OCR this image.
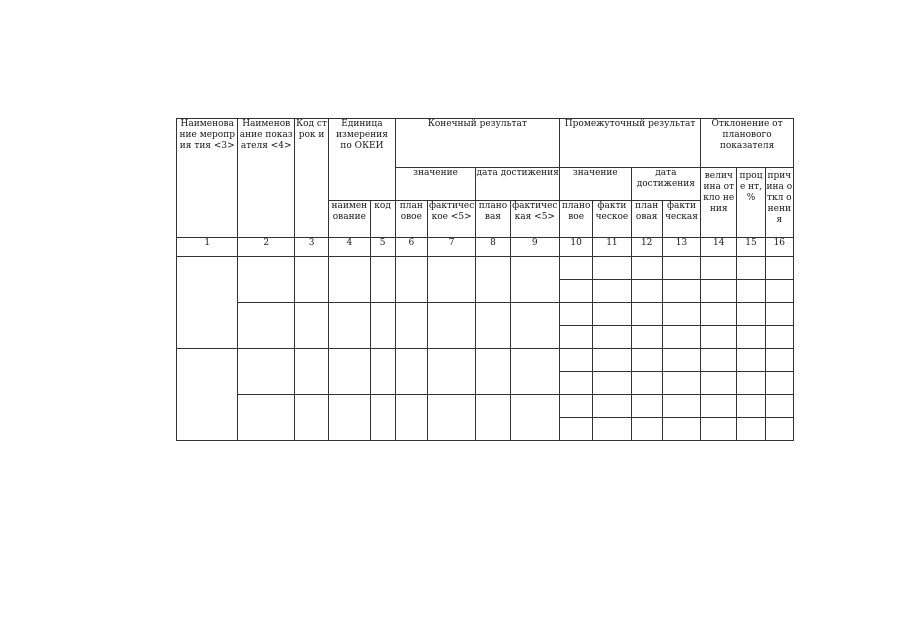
Наименова ние мероприя тия <3>	Наименов ание показателя <4>	Код строк и	Единица измерения по ОКЕИ		Конечный результат				Промежуточный результат				Отклонение от планового показателя		
					значение		дата достижения		значение		дата достижения		велич ина откло нения	проце нт, %	прич ина откл онения
			наимен ование	код	план овое	фактичес кое <5>	плано вая	фактичес кая <5>	плано вое	факти ческое	план овая	факти ческая			
1	2	3	4	5	6	7	8	9	10	11	12	13	14	15	16
